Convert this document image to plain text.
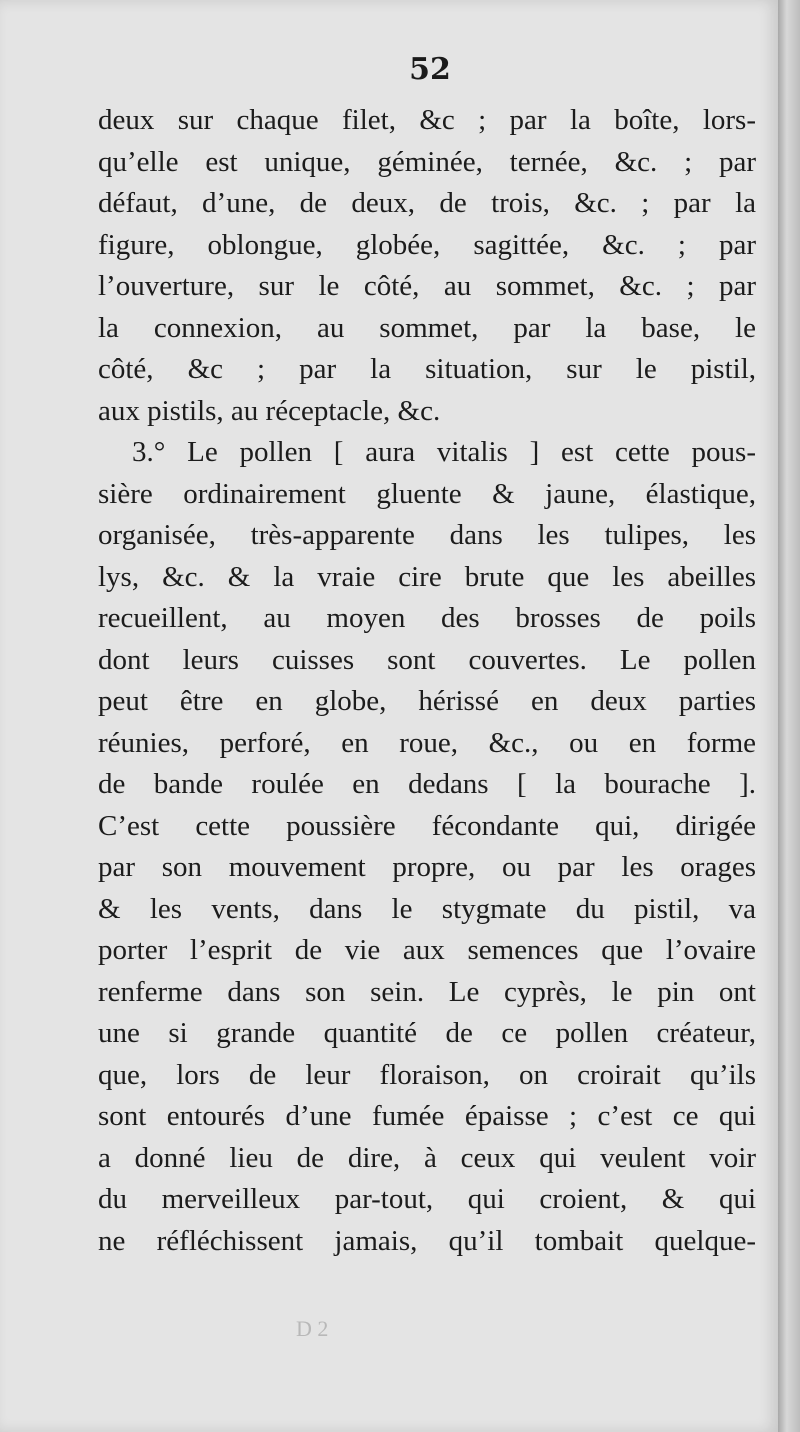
52
deux sur chaque filet, &c ; par la boîte, lors-
qu’elle est unique, géminée, ternée, &c. ; par
défaut, d’une, de deux, de trois, &c. ; par la
figure, oblongue, globée, sagittée, &c. ; par
l’ouverture, sur le côté, au sommet, &c. ; par
la connexion, au sommet, par la base, le
côté, &c ; par la situation, sur le pistil,
aux pistils, au réceptacle, &c.
3.° Le pollen [ aura vitalis ] est cette pous-
sière ordinairement gluente & jaune, élastique,
organisée, très-apparente dans les tulipes, les
lys, &c. & la vraie cire brute que les abeilles
recueillent, au moyen des brosses de poils
dont leurs cuisses sont couvertes. Le pollen
peut être en globe, hérissé en deux parties
réunies, perforé, en roue, &c., ou en forme
de bande roulée en dedans [ la bourache ].
C’est cette poussière fécondante qui, dirigée
par son mouvement propre, ou par les orages
& les vents, dans le stygmate du pistil, va
porter l’esprit de vie aux semences que l’ovaire
renferme dans son sein. Le cyprès, le pin ont
une si grande quantité de ce pollen créateur,
que, lors de leur floraison, on croirait qu’ils
sont entourés d’une fumée épaisse ; c’est ce qui
a donné lieu de dire, à ceux qui veulent voir
du merveilleux par-tout, qui croient, & qui
ne réfléchissent jamais, qu’il tombait quelque-
D 2
